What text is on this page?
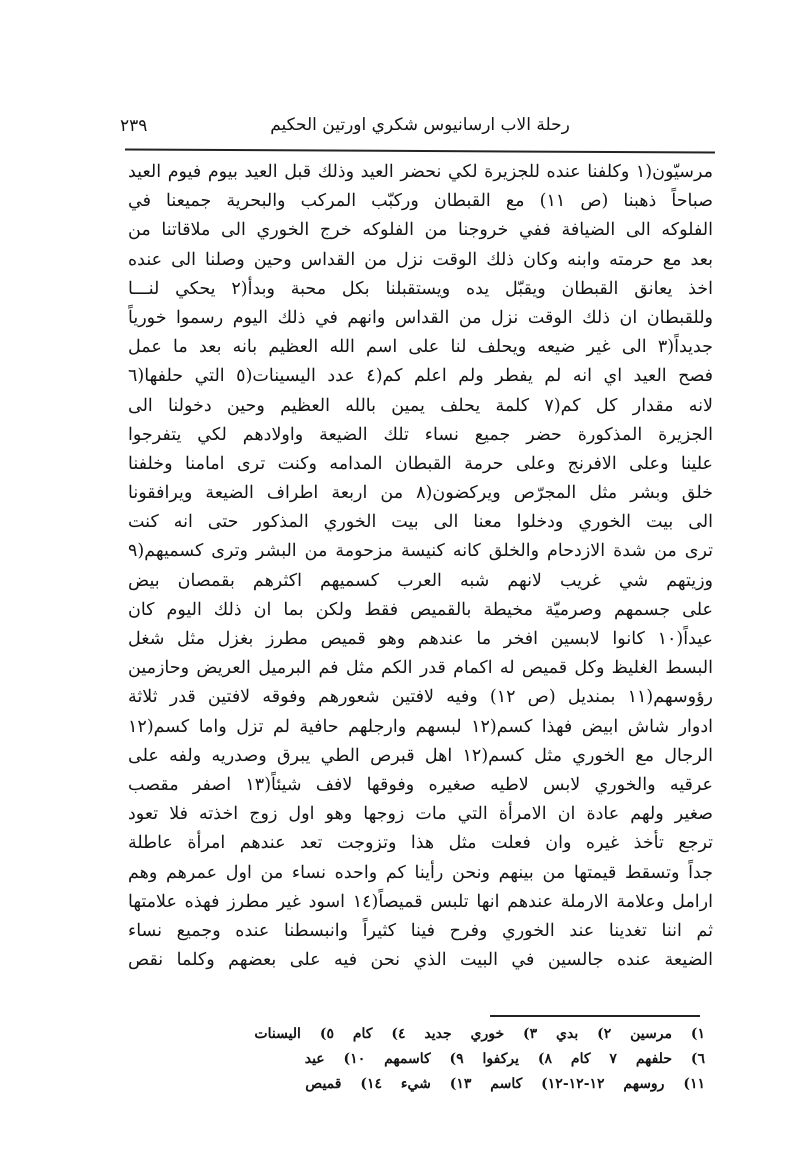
٢٣٩	رحلة الاب ارسانيوس شكري اورتين الحكيم
مرسيّون(١ وكلفنا عنده للجزيرة لكي نحضر العيد وذلك قبل العيد بيوم فيوم العيد
صباحاً ذهبنا (ص ١١) مع القبطان وركبّب المركب والبحرية جميعنا في
الفلوكه الى الضيافة ففي خروجنا من الفلوكه خرج الخوري الى ملاقاتنا من
بعد مع حرمته وابنه وكان ذلك الوقت نزل من القداس وحين وصلنا الى عنده
اخذ يعانق القبطان ويقبّل يده ويستقبلنا بكل محبة وبدأ(٢ يحكي لنـــا
وللقبطان ان ذلك الوقت نزل من القداس وانهم في ذلك اليوم رسموا خورياً
جديداً(٣ الى غير ضيعه ويحلف لنا على اسم الله العظيم بانه بعد ما عمل
فصح العيد اي انه لم يفطر ولم اعلم كم(٤ عدد اليسينات(٥ التي حلفها(٦
لانه مقدار كل كم(٧ كلمة يحلف يمين بالله العظيم وحين دخولنا الى
الجزيرة المذكورة حضر جميع نساء تلك الضيعة واولادهم لكي يتفرجوا
علينا وعلى الافرنج وعلى حرمة القبطان المدامه وكنت ترى امامنا وخلفنا
خلق وبشر مثل المجرّص ويركضون(٨ من اربعة اطراف الضيعة ويرافقونا
الى بيت الخوري ودخلوا معنا الى بيت الخوري المذكور حتى انه كنت
ترى من شدة الازدحام والخلق كانه كنيسة مزحومة من البشر وترى كسميهم(٩
وزيتهم شي غريب لانهم شبه العرب كسميهم اكثرهم بقمصان بيض
على جسمهم وصرميّة مخيطة بالقميص فقط ولكن بما ان ذلك اليوم كان
عيداً(١٠ كانوا لابسين افخر ما عندهم وهو قميص مطرز بغزل مثل شغل
البسط الغليظ وكل قميص له اكمام قدر الكم مثل فم البرميل العريض وحازمين
رؤوسهم(١١ بمنديل (ص ١٢) وفيه لافتين شعورهم وفوقه لافتين قدر ثلاثة
ادوار شاش ابيض فهذا كسم(١٢ لبسهم وارجلهم حافية لم تزل واما كسم(١٢
الرجال مع الخوري مثل كسم(١٢ اهل قبرص الطي يبرق وصدريه ولفه على
عرقيه والخوري لابس لاطيه صغيره وفوقها لافف شيئاً(١٣ اصفر مقصب
صغير ولهم عادة ان الامرأة التي مات زوجها وهو اول زوج اخذته فلا تعود
ترجع تأخذ غيره وان فعلت مثل هذا وتزوجت تعد عندهم امرأة عاطلة
جداً وتسقط قيمتها من بينهم ونحن رأينا كم واحده نساء من اول عمرهم وهم
ارامل وعلامة الارملة عندهم انها تلبس قميصاً(١٤ اسود غير مطرز فهذه علامتها
ثم اننا تغدينا عند الخوري وفرح فينا كثيراً وانبسطنا عنده وجميع نساء
الضيعة عنده جالسين في البيت الذي نحن فيه على بعضهم وكلما نقص
١) مرسين ٢) بدي ٣) خوري جديد ٤) كام ٥) اليسنات
٦) حلفهم ٧ كام ٨) يركفوا ٩) كاسمهم ١٠) عيد
١١) روسهم ١٢-١٢-١٢) كاسم ١٣) شيء ١٤) قميص
